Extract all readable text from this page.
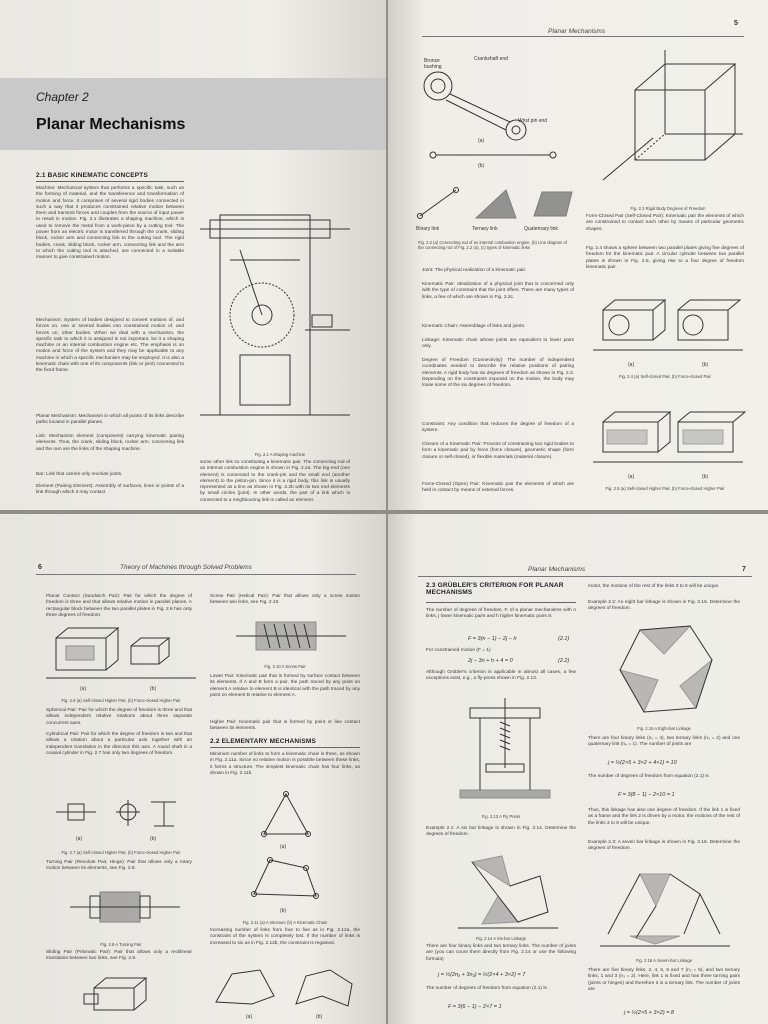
Chapter 2
Planar Mechanisms
2.1 BASIC KINEMATIC CONCEPTS
Machine: Mechanical system that performs a specific task, such as the forming of material, and the transference and transformation of motion and force. It comprises of several rigid bodies connected in such a way that it produces constrained relative motion between them and transmit forces and couples from the source of input power to result in motion. Fig. 2.1 illustrates a shaping machine, which is used to remove the metal from a work-piece by a cutting tool. The power from an electric motor is transferred through the crank, sliding block, rocker arm and connecting link to the cutting tool. The rigid bodies, crank, sliding block, rocker arm, connecting link and the arm to which the cutting tool is attached, are connected in a suitable manner to give constrained motion.
Mechanism: System of bodies designed to convert motions of, and forces on, one or several bodies into constrained motion of, and forces on, other bodies. When we deal with a mechanism, the specific task to which it is assigned is not important, be it a shaping machine or an internal combustion engine etc. The emphasis is on motion and force of the system and they may be applicable to any machine in which a specific mechanism may be employed. It is also a kinematic chain with one of its components (link or joint) connected to the fixed frame.
Planar Mechanism: Mechanism in which all points of its links describe paths located in parallel planes.
Link: Mechanism element (component) carrying kinematic pairing elements. Thus, the crank, sliding block, rocker arm, connecting link and the ram are the links of the shaping machine.
Bar: Link that carries only revolute joints.
Element (Pairing Element): Assembly of surfaces, lines or points of a link through which it may contact
Fig. 2.1 A shaping machine
some other link so constituting a kinematic pair. The connecting rod of an internal combustion engine is shown in Fig. 2.2a. The big-end (one element) is connected to the crank-pin and the small end (another element) to the piston-pin. Since it is a rigid body, this link is usually represented as a line as shown in Fig. 2.2b with its two end elements by small circles (joint). In other words, the part of a link which is connected to a neighbouring link is called an element.
Planar Mechanisms
5
Bronze bushing
Crankshaft end
Wrist pin end
(a)
(b)
Binary link	Ternary link	Quaternary link
Fig. 2.2 (a) Connecting rod of an internal combustion engine, (b) Line diagram of the connecting rod of Fig. 2.2 (a), (c) types of kinematic links
Joint: The physical realization of a kinematic pair.
Kinematic Pair: Idealization of a physical joint that is concerned only with the type of constraint that the joint offers. There are many types of links, a few of which are shown in Fig. 2.2c.
Kinematic Chain: Assemblage of links and joints.
Linkage: Kinematic chain whose joints are equivalent to lower pairs only.
Degree of Freedom (Connectivity): The number of independent coordinates needed to describe the relative positions of pairing elements. A rigid body has six degrees of freedom as shown in Fig. 2.3. Depending on the constraints imposed on the motion, the body may loose some of the six degrees of freedom.
Constraint: Any condition that reduces the degree of freedom of a system.
Closure of a Kinematic Pair: Process of constraining two rigid bodies to form a kinematic pair by force (force closure), geometric shape (form closure or self-closed), or flexible materials (material closure).
Force-Closed (Open) Pair: Kinematic pair the elements of which are held in contact by means of external forces.
Fig. 2.3 Rigid Body Degrees of Freedom
Form-Closed Pair (Self-Closed Pair): Kinematic pair the elements of which are constrained to contact each other by means of particular geometric shapes.
Fig. 2.4 shows a sphere between two parallel plates giving five degrees of freedom for the kinematic pair. A circular cylinder between two parallel plates is shown in Fig. 2.5, giving rise to a four degree of freedom kinematic pair.
(a)	(b)
Fig. 2.4 (a) Self-closed Pair, (b) Force-closed Pair
(a)	(b)
Fig. 2.5 (a) Self-closed Higher Pair, (b) Force-closed Higher Pair
6	Theory of Machines through Solved Problems
Planar Contact (Sandwich Pair): Pair for which the degree of freedom is three and that allows relative motion in parallel planes. A rectangular block between the two parallel plates in Fig. 2.6 has only three degrees of freedom.
(a)	(b)
Fig. 2.6 (a) Self-closed Higher Pair, (b) Force-closed Higher Pair
Spherical Pair: Pair for which the degree of freedom is three and that allows independent relative rotations about three separate concurrent axes.
Cylindrical Pair: Pair for which the degree of freedom is two and that allows a rotation about a particular axis together with an independent translation in the direction this axis. A round shaft in a coaxial cylinder in Fig. 2.7 has only two degrees of freedom.
(a)	(b)
Fig. 2.7 (a) Self-closed Higher Pair, (b) Force-closed Higher Pair
Turning Pair (Revolute Pair, Hinge): Pair that allows only a rotary motion between its elements, see Fig. 2.8.
Fig. 2.8 A Turning Pair
Sliding Pair (Prismatic Pair): Pair that allows only a rectilinear translation between two links, see Fig. 2.9.
Screw Pair (Helical Pair): Pair that allows only a screw motion between two links, see Fig. 2.10.
Fig. 2.10 A Screw Pair
Lower Pair: Kinematic pair that is formed by surface contact between its elements. If A and B form a pair, the path traced by any point on element A relative to element B is identical with the path traced by any point on element B relative to element A.
Higher Pair: Kinematic pair that is formed by point or line contact between its elements.
2.2 ELEMENTARY MECHANISMS
Minimum number of links to form a kinematic chain is three, as shown in Fig. 2.11a. Since no relative motion is possible between these links, it forms a structure. The simplest kinematic chain has four links, as shown in Fig. 2.11b.
(a)
(b)
Fig. 2.11 (a) A structure (b) A Kinematic Chain
Increasing number of links from four to five as in Fig. 2.12a, the constraint of the system is completely lost. If the number of links is increased to six as in Fig. 2.12b, the constraint is regained.
(a)	(b)
Planar Mechanisms	7
2.3 GRÜBLER'S CRITERION FOR PLANAR MECHANISMS
The number of degrees of freedom, F, of a planar mechanisms with n links, j lower kinematic pairs and h higher kinematic pairs is
F = 3(n − 1) − 2j − h	(2.1)
For constrained motion (F = 1)
2j − 3n + h + 4 = 0	(2.2)
Although Grübler's criterion is applicable in almost all cases, a few exceptions exist, e.g., a fly-press shown in Fig. 2.13.
Fig. 2.13 A Fly Press
Example 2.1: A six bar linkage is shown in Fig. 2.14. Determine the degrees of freedom.
Fig. 2.14 A Six-bar Linkage
There are four binary links and two ternary links. The number of joints are (you can count them directly from Fig. 2.14 or use the following formula)
j = ½(2n₂ + 3n₃) = ½(2×4 + 3×2) = 7
The number of degrees of freedom from equation (2.1) is
F = 3(6 − 1) − 2×7 = 1
motor, the motions of the rest of the links 3 to 6 will be unique.
Example 2.2: An eight bar linkage is shown in Fig. 2.15. Determine the degrees of freedom.
Fig. 2.15 A Eight-bar Linkage
There are four binary links (n₂ = 4), two ternary links (n₃ = 2) and one quaternary link (n₄ = 1). The number of joints are
j = ½(2×5 + 3×2 + 4×1) = 10
The number of degrees of freedom from equation (2.1) is
F = 3(8 − 1) − 2×10 = 1
Thus, this linkage has also one degree of freedom. If the link 1 is fixed as a frame and the link 2 is driven by a motor, the motions of the rest of the links 3 to 8 will be unique.
Example 2.3: A seven bar linkage is shown in Fig. 2.16. Determine the degrees of freedom.
Fig. 2.16 A Seven-bar Linkage
There are five binary links, 2, 4, 5, 6 and 7 (n₂ = 5), and two ternary links, 1 and 3 (n₃ = 2). Here, link 1 is fixed and has three turning pairs (joints or hinges) and therefore it is a ternary link. The number of joints are
j = ½(2×5 + 3×2) = 8
